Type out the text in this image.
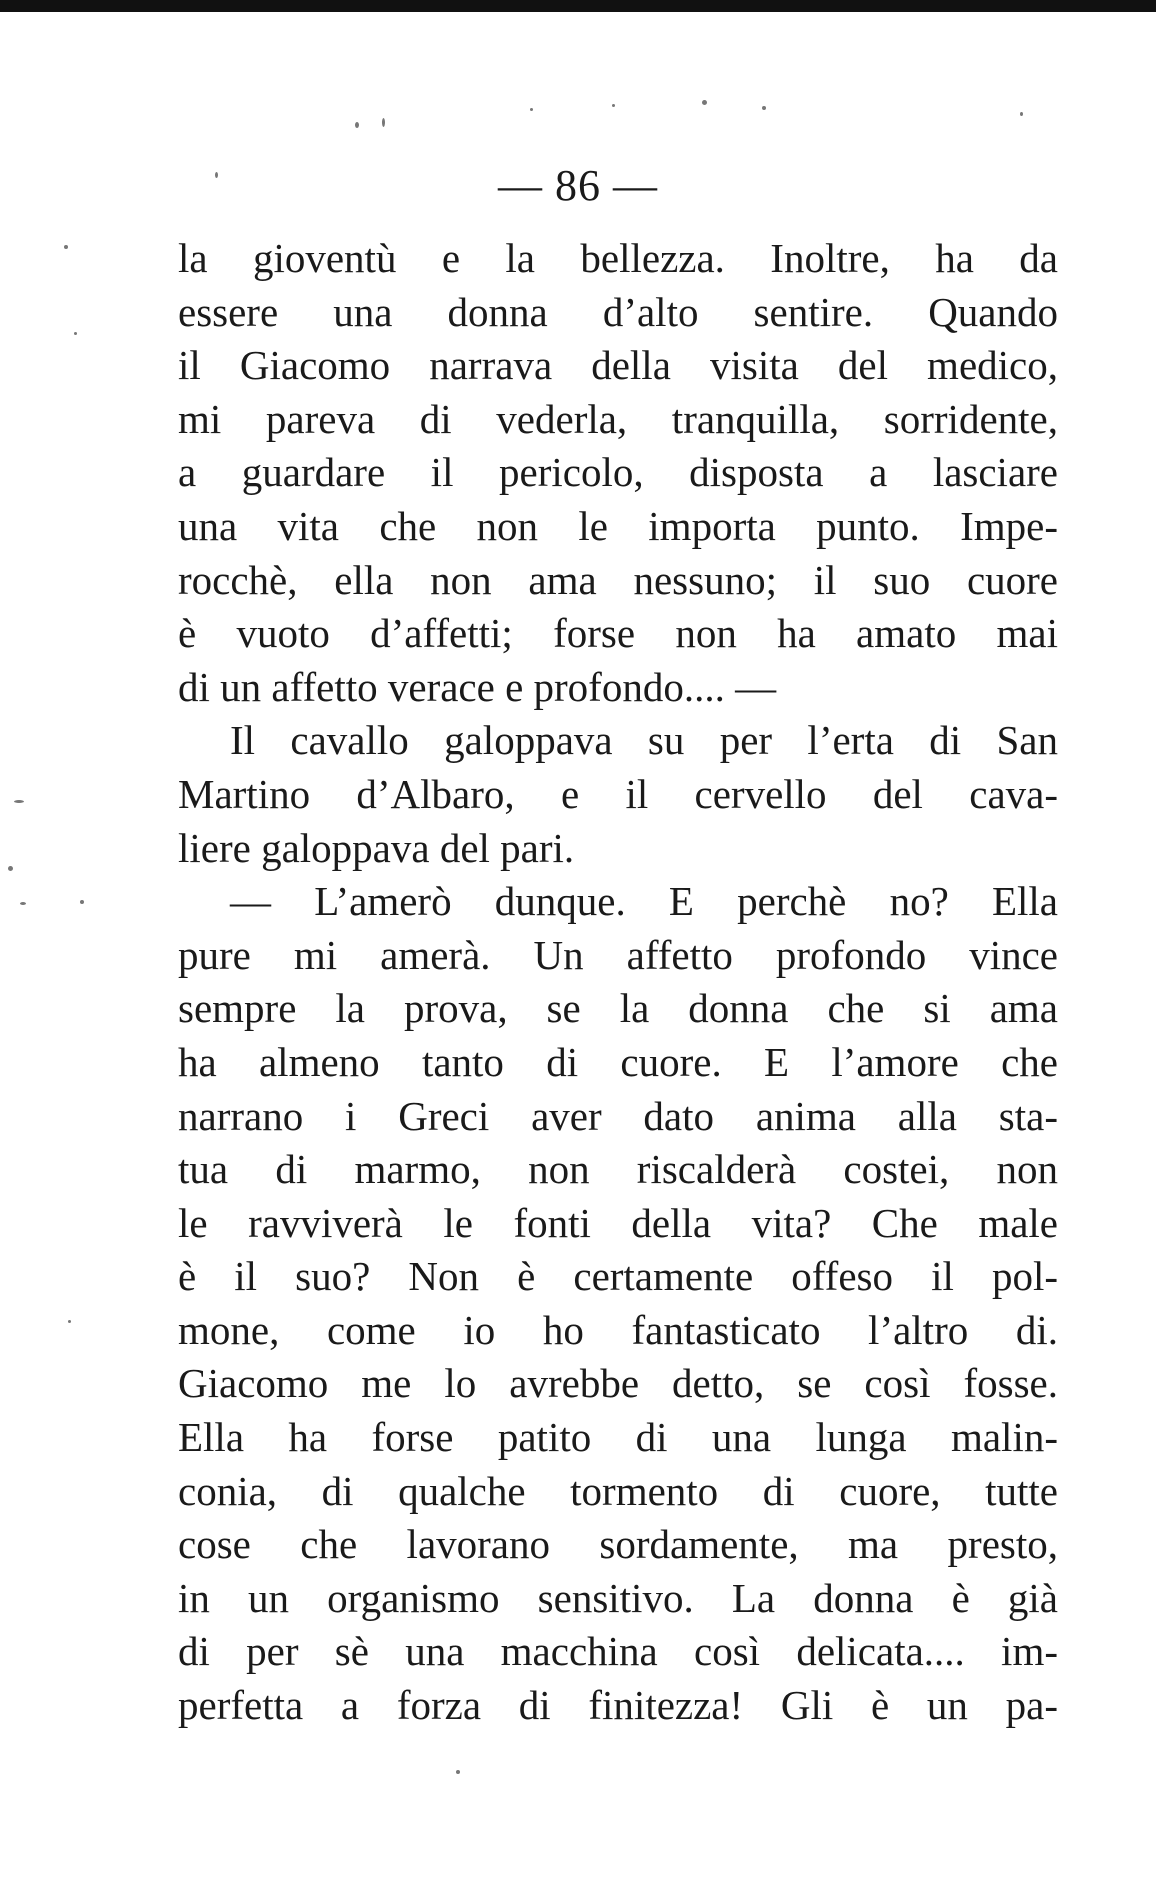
— 86 —
la gioventù e la bellezza. Inoltre, ha da
essere una donna d’alto sentire. Quando
il Giacomo narrava della visita del medico,
mi pareva di vederla, tranquilla, sorridente,
a guardare il pericolo, disposta a lasciare
una vita che non le importa punto. Impe-
rocchè, ella non ama nessuno; il suo cuore
è vuoto d’affetti; forse non ha amato mai
di un affetto verace e profondo.... —
Il cavallo galoppava su per l’erta di San
Martino d’Albaro, e il cervello del cava-
liere galoppava del pari.
— L’amerò dunque. E perchè no? Ella
pure mi amerà. Un affetto profondo vince
sempre la prova, se la donna che si ama
ha almeno tanto di cuore. E l’amore che
narrano i Greci aver dato anima alla sta-
tua di marmo, non riscalderà costei, non
le ravviverà le fonti della vita? Che male
è il suo? Non è certamente offeso il pol-
mone, come io ho fantasticato l’altro di.
Giacomo me lo avrebbe detto, se così fosse.
Ella ha forse patito di una lunga malin-
conia, di qualche tormento di cuore, tutte
cose che lavorano sordamente, ma presto,
in un organismo sensitivo. La donna è già
di per sè una macchina così delicata.... im-
perfetta a forza di finitezza! Gli è un pa-
